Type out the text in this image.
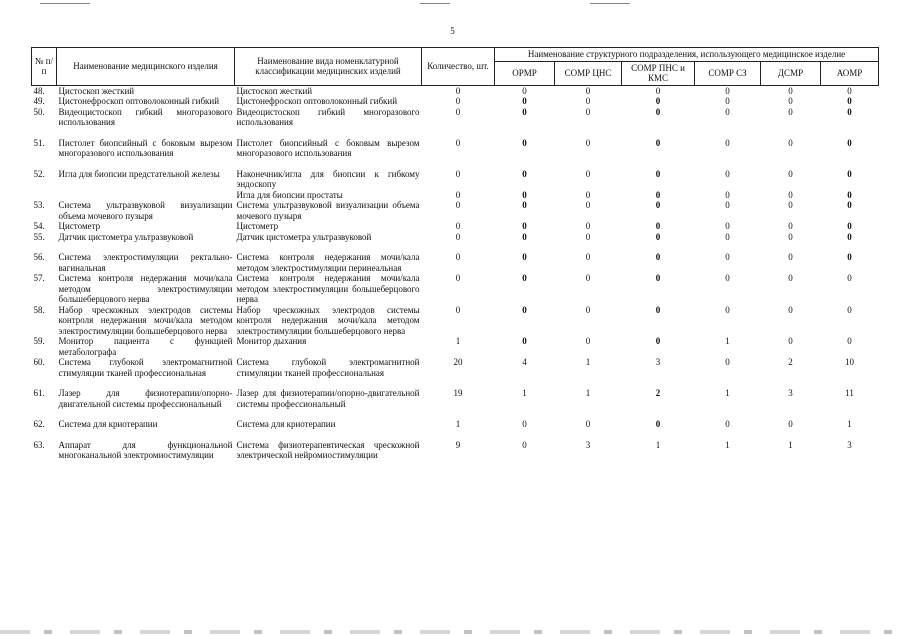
5
№ п/п	Наименование медицинского изделия	Наименование вида номенклатурной классификации медицинских изделий	Количество, шт.	Наименование структурного подразделения, использующего медицинское изделие					
				ОРМР	СОМР ЦНС	СОМР ПНС и КМС	СОМР СЗ	ДСМР	АОМР
48.	Цистоскоп жесткий	Цистоскоп жесткий	0	0	0	0	0	0	0
49.	Цистонефроскоп оптоволоконный гибкий	Цистонефроскоп оптоволоконный гибкий	0	0	0	0	0	0	0
50.	Видеоцистоскоп гибкий многоразового использования	Видеоцистоскоп гибкий многоразового использования	0	0	0	0	0	0	0

51.	Пистолет биопсийный с боковым вырезом многоразового использования	Пистолет биопсийный с боковым вырезом многоразового использования	0	0	0	0	0	0	0

52.	Игла для биопсии предстательной железы	Наконечник/игла для биопсии к гибкому эндоскопу	0	0	0	0	0	0	0
		Игла для биопсии простаты	0	0	0	0	0	0	0
53.	Система ультразвуковой визуализации объема мочевого пузыря	Система ультразвуковой визуализации объема мочевого пузыря	0	0	0	0	0	0	0
54.	Цистометр	Цистометр	0	0	0	0	0	0	0
55.	Датчик цистометра ультразвуковой	Датчик цистометра ультразвуковой	0	0	0	0	0	0	0

56.	Система электростимуляции ректально-вагинальная	Система контроля недержания мочи/кала методом электростимуляции перинеальная	0	0	0	0	0	0	0
57.	Система контроля недержания мочи/кала методом электростимуляции большеберцового нерва	Система контроля недержания мочи/кала методом электростимуляции большеберцового нерва	0	0	0	0	0	0	0
58.	Набор чрескожных электродов системы контроля недержания мочи/кала методом электростимуляции большеберцового нерва	Набор чрескожных электродов системы контроля недержания мочи/кала методом электростимуляции большеберцового нерва	0	0	0	0	0	0	0
59.	Монитор пациента с функцией метаболографа	Монитор дыхания	1	0	0	0	1	0	0
60.	Система глубокой электромагнитной стимуляции тканей профессиональная	Система глубокой электромагнитной стимуляции тканей профессиональная	20	4	1	3	0	2	10

61.	Лазер для физиотерапии/опорно-двигательной системы профессиональный	Лазер для физиотерапии/опорно-двигательной системы профессиональный	19	1	1	2	1	3	11

62.	Система для криотерапии	Система для криотерапии	1	0	0	0	0	0	1

63.	Аппарат для функциональной многоканальной электромиостимуляции	Система физиотерапевтическая чрескожной электрической нейромиостимуляции	9	0	3	1	1	1	3
